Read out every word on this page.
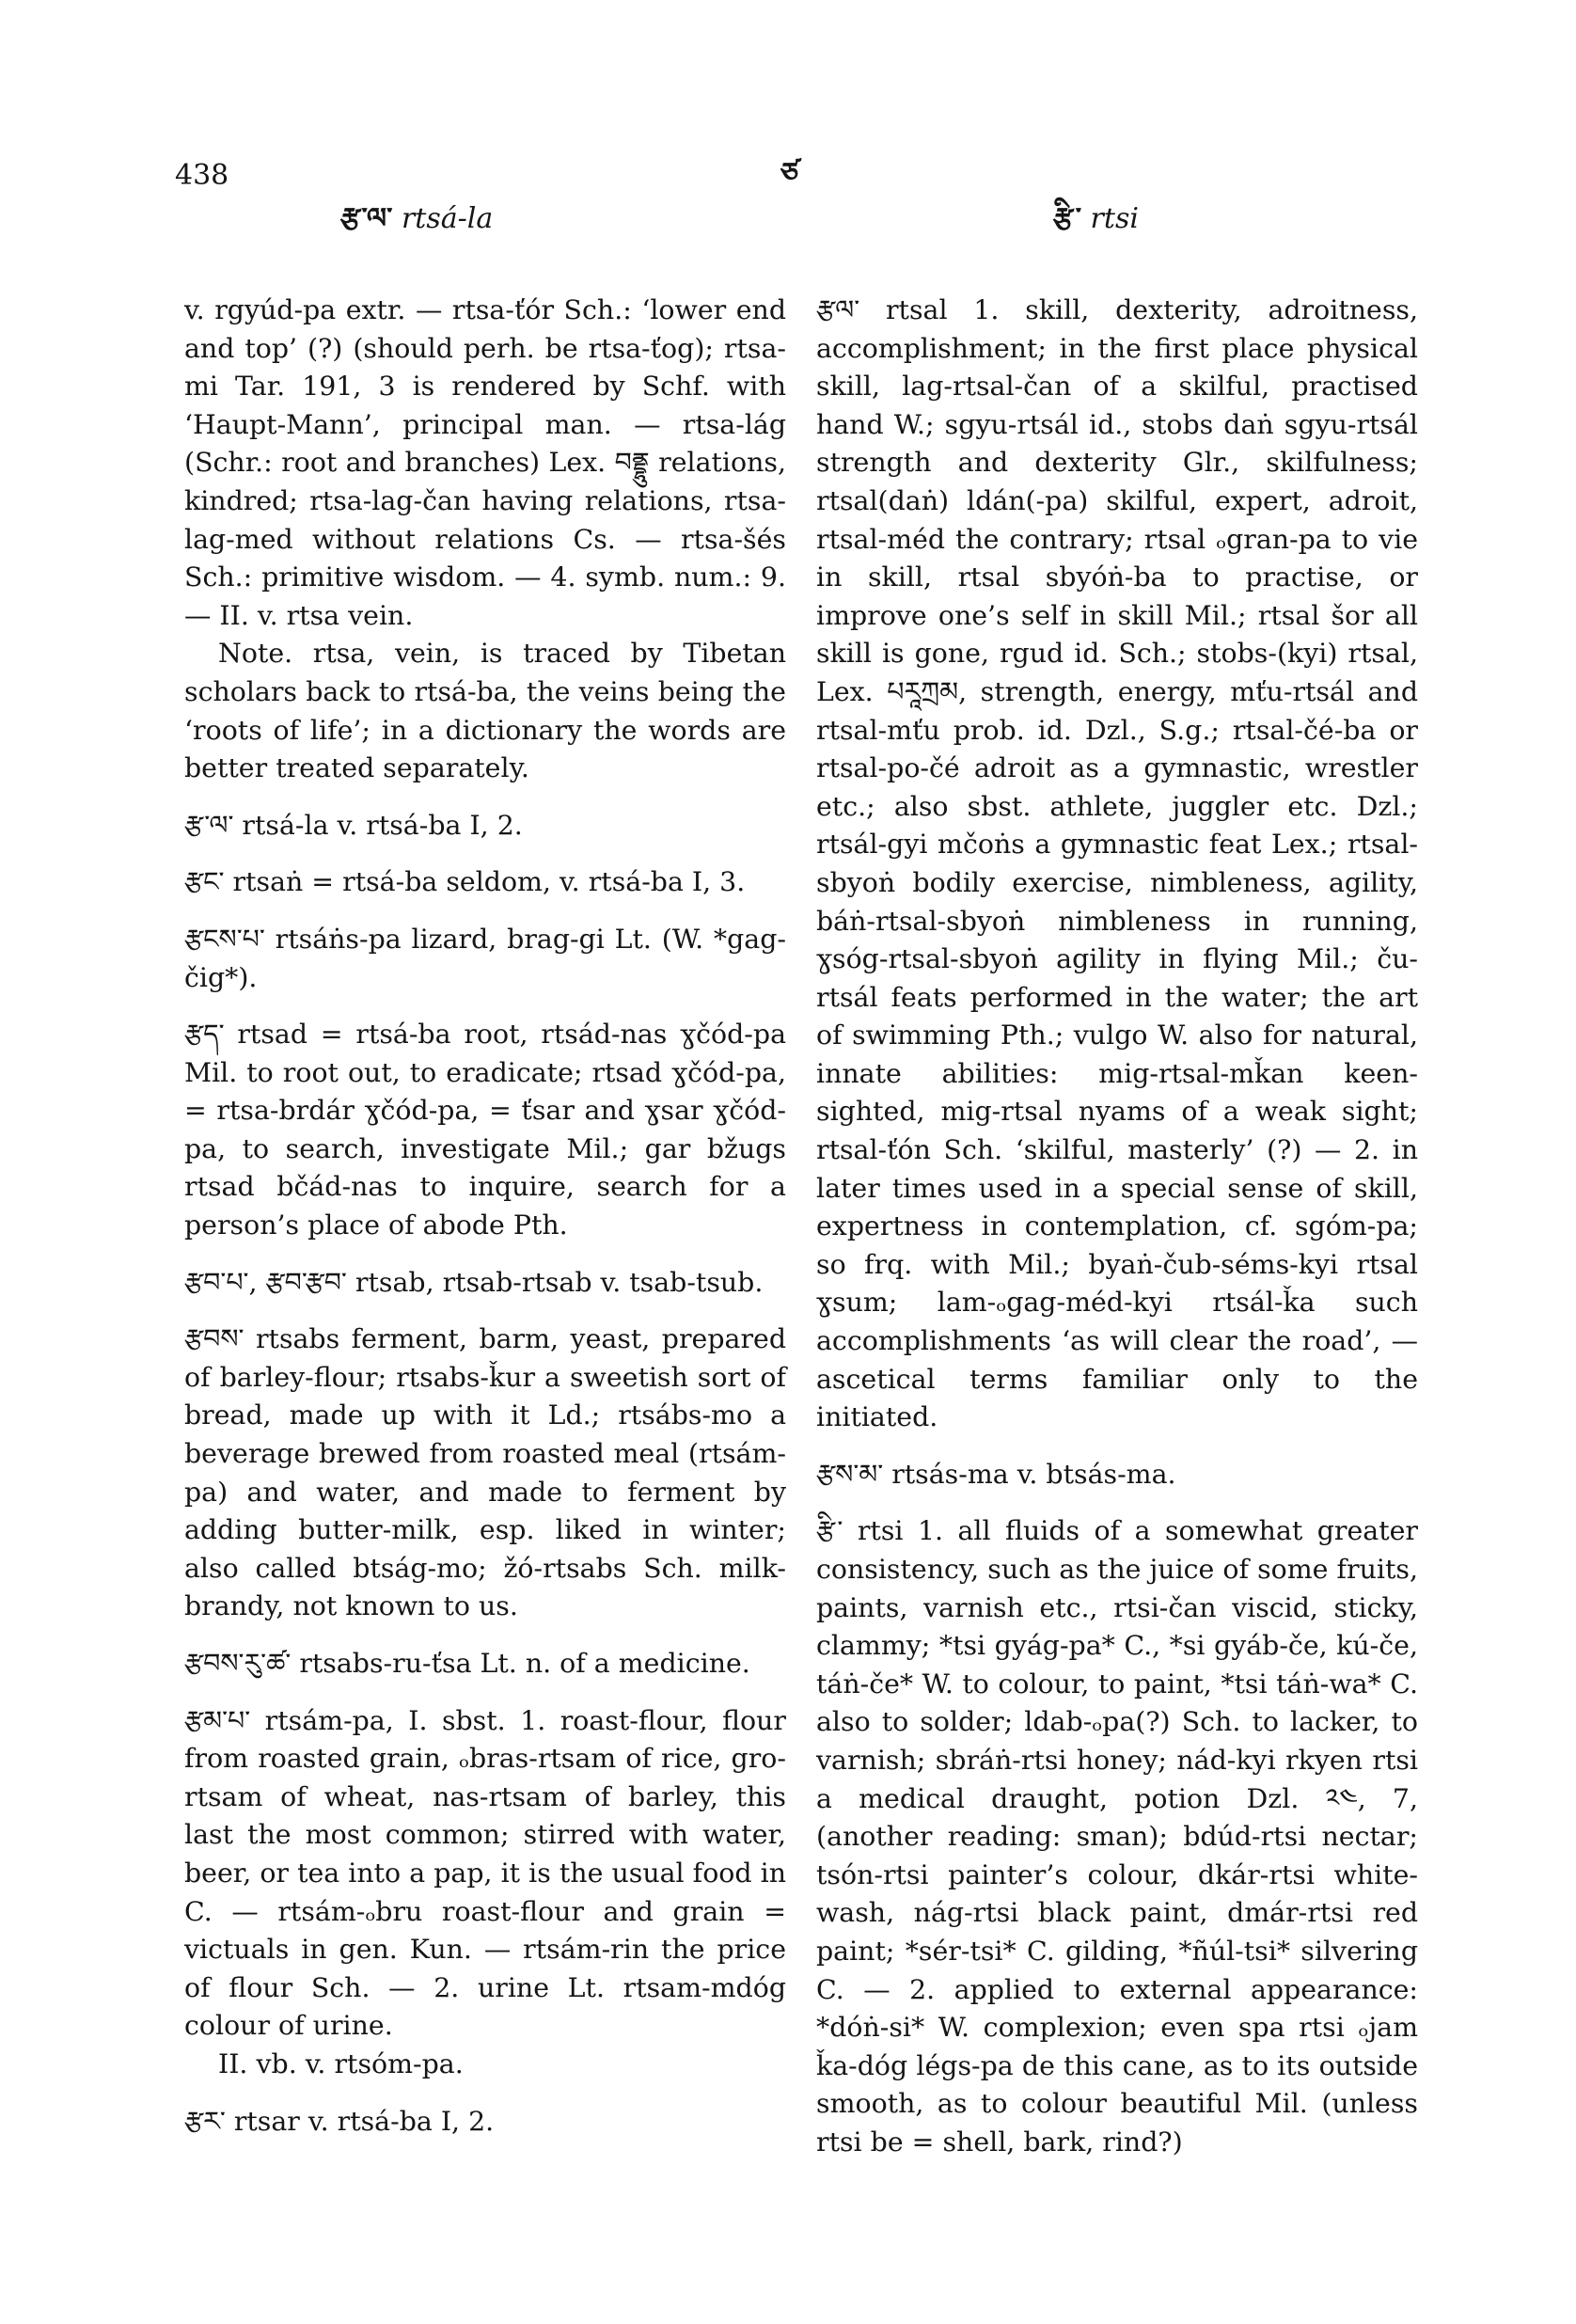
438
རྩ་ལ་ rtsá-la
ཙ
རྩི་ rtsi

v. rgyúd-pa extr. — rtsa-ťór Sch.: ‘lower end and top’ (?) (should perh. be rtsa-ťog); rtsa-mi Tar. 191, 3 is rendered by Schf. with ‘Haupt-Mann’, principal man. — rtsa-lág (Schr.: root and branches) Lex. བནྡྷུ relations, kindred; rtsa-lag-čan having relations, rtsa-lag-med without relations Cs. — rtsa-šés Sch.: primitive wisdom. — 4. symb. num.: 9. — II. v. rtsa vein.

Note. rtsa, vein, is traced by Tibetan scholars back to rtsá-ba, the veins being the ‘roots of life’; in a dictionary the words are better treated separately.

རྩ་ལ་ rtsá-la v. rtsá-ba I, 2.

རྩང་ rtsaṅ = rtsá-ba seldom, v. rtsá-ba I, 3.

རྩངས་པ་ rtsáṅs-pa lizard, brag-gi Lt. (W. *gag-čig*).

རྩད་ rtsad = rtsá-ba root, rtsád-nas ɣčód-pa Mil. to root out, to eradicate; rtsad ɣčód-pa, = rtsa-brdár ɣčód-pa, = ťsar and ɣsar ɣčód-pa, to search, investigate Mil.; gar bžugs rtsad bčád-nas to inquire, search for a person’s place of abode Pth.

རྩབ་པ་, རྩབ་རྩབ་ rtsab, rtsab-rtsab v. tsab-tsub.

རྩབས་ rtsabs ferment, barm, yeast, prepared of barley-flour; rtsabs-ǩur a sweetish sort of bread, made up with it Ld.; rtsábs-mo a beverage brewed from roasted meal (rtsám-pa) and water, and made to ferment by adding butter-milk, esp. liked in winter; also called btság-mo; žó-rtsabs Sch. milk-brandy, not known to us.

རྩབས་རུ་ཚ་ rtsabs-ru-ťsa Lt. n. of a medicine.

རྩམ་པ་ rtsám-pa, I. sbst. 1. roast-flour, flour from roasted grain, ₒbras-rtsam of rice, gro-rtsam of wheat, nas-rtsam of barley, this last the most common; stirred with water, beer, or tea into a pap, it is the usual food in C. — rtsám-ₒbru roast-flour and grain = victuals in gen. Kun. — rtsám-rin the price of flour Sch. — 2. urine Lt. rtsam-mdóg colour of urine.

II. vb. v. rtsóm-pa.

རྩར་ rtsar v. rtsá-ba I, 2.

རྩལ་ rtsal 1. skill, dexterity, adroitness, accomplishment; in the first place physical skill, lag-rtsal-čan of a skilful, practised hand W.; sgyu-rtsál id., stobs daṅ sgyu-rtsál strength and dexterity Glr., skilfulness; rtsal(daṅ) ldán(-pa) skilful, expert, adroit, rtsal-méd the contrary; rtsal ₒgran-pa to vie in skill, rtsal sbyóṅ-ba to practise, or improve one’s self in skill Mil.; rtsal šor all skill is gone, rgud id. Sch.; stobs-(kyi) rtsal, Lex. པརཱཀྲམ, strength, energy, mťu-rtsál and rtsal-mťu prob. id. Dzl., S.g.; rtsal-čé-ba or rtsal-po-čé adroit as a gymnastic, wrestler etc.; also sbst. athlete, juggler etc. Dzl.; rtsál-gyi mčoṅs a gymnastic feat Lex.; rtsal-sbyoṅ bodily exercise, nimbleness, agility, báṅ-rtsal-sbyoṅ nimbleness in running, ɣsóg-rtsal-sbyoṅ agility in flying Mil.; ču-rtsál feats performed in the water; the art of swimming Pth.; vulgo W. also for natural, innate abilities: mig-rtsal-mǩan keen-sighted, mig-rtsal nyams of a weak sight; rtsal-ťón Sch. ‘skilful, masterly’ (?) — 2. in later times used in a special sense of skill, expertness in contemplation, cf. sgóm-pa; so frq. with Mil.; byaṅ-čub-séms-kyi rtsal ɣsum; lam-ₒgag-méd-kyi rtsál-ǩa such accomplishments ‘as will clear the road’, — ascetical terms familiar only to the initiated.

རྩས་མ་ rtsás-ma v. btsás-ma.

རྩི་ rtsi 1. all fluids of a somewhat greater consistency, such as the juice of some fruits, paints, varnish etc., rtsi-čan viscid, sticky, clammy; *tsi gyág-pa* C., *si gyáb-če, kú-če, táṅ-če* W. to colour, to paint, *tsi táṅ-wa* C. also to solder; ldab-ₒpa(?) Sch. to lacker, to varnish; sbráṅ-rtsi honey; nád-kyi rkyen rtsi a medical draught, potion Dzl. ༢༤, 7, (another reading: sman); bdúd-rtsi nectar; tsón-rtsi painter’s colour, dkár-rtsi white-wash, nág-rtsi black paint, dmár-rtsi red paint; *sér-tsi* C. gilding, *ñúl-tsi* silvering C. — 2. applied to external appearance: *dóṅ-si* W. complexion; even spa rtsi ₒjam ǩa-dóg légs-pa de this cane, as to its outside smooth, as to colour beautiful Mil. (unless rtsi be = shell, bark, rind?)
